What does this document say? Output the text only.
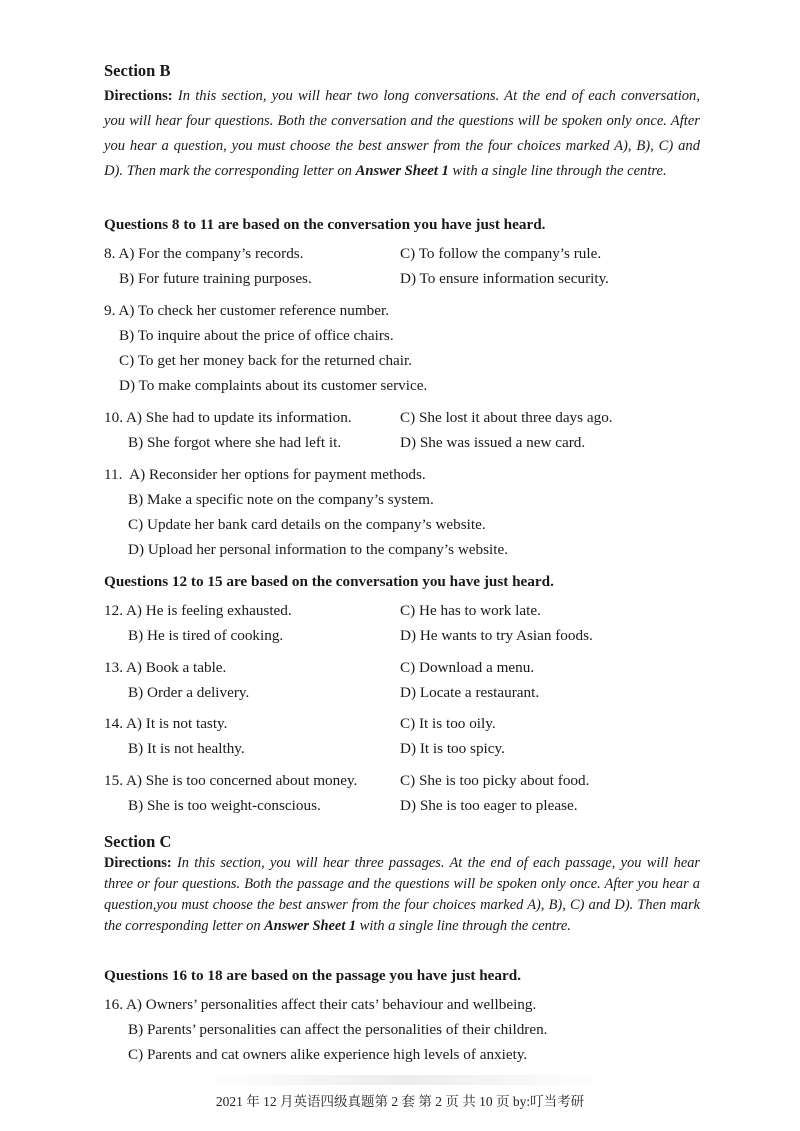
Section B
Directions: In this section, you will hear two long conversations. At the end of each conversation, you will hear four questions. Both the conversation and the questions will be spoken only once. After you hear a question, you must choose the best answer from the four choices marked A), B), C) and D). Then mark the corresponding letter on Answer Sheet 1 with a single line through the centre.
Questions 8 to 11 are based on the conversation you have just heard.
8. A) For the company’s records.	C) To follow the company’s rule.
B) For future training purposes.	D) To ensure information security.
9. A) To check her customer reference number.
B) To inquire about the price of office chairs.
C) To get her money back for the returned chair.
D) To make complaints about its customer service.
10. A) She had to update its information.	C) She lost it about three days ago.
B) She forgot where she had left it.	D) She was issued a new card.
11.  A) Reconsider her options for payment methods.
B) Make a specific note on the company’s system.
C) Update her bank card details on the company’s website.
D) Upload her personal information to the company’s website.
Questions 12 to 15 are based on the conversation you have just heard.
12. A) He is feeling exhausted.	C) He has to work late.
B) He is tired of cooking.	D) He wants to try Asian foods.
13. A) Book a table.	C) Download a menu.
B) Order a delivery.	D) Locate a restaurant.
14. A) It is not tasty.	C) It is too oily.
B) It is not healthy.	D) It is too spicy.
15. A) She is too concerned about money.	C) She is too picky about food.
B) She is too weight-conscious.	D) She is too eager to please.
Section C
Directions: In this section, you will hear three passages. At the end of each passage, you will hear three or four questions. Both the passage and the questions will be spoken only once. After you hear a question,you must choose the best answer from the four choices marked A), B), C) and D). Then mark the corresponding letter on Answer Sheet 1 with a single line through the centre.
Questions 16 to 18 are based on the passage you have just heard.
16. A) Owners’ personalities affect their cats’ behaviour and wellbeing.
B) Parents’ personalities can affect the personalities of their children.
C) Parents and cat owners alike experience high levels of anxiety.
2021 年 12 月英语四级真题第 2 套 第 2 页 共 10 页 by:叮当考研
